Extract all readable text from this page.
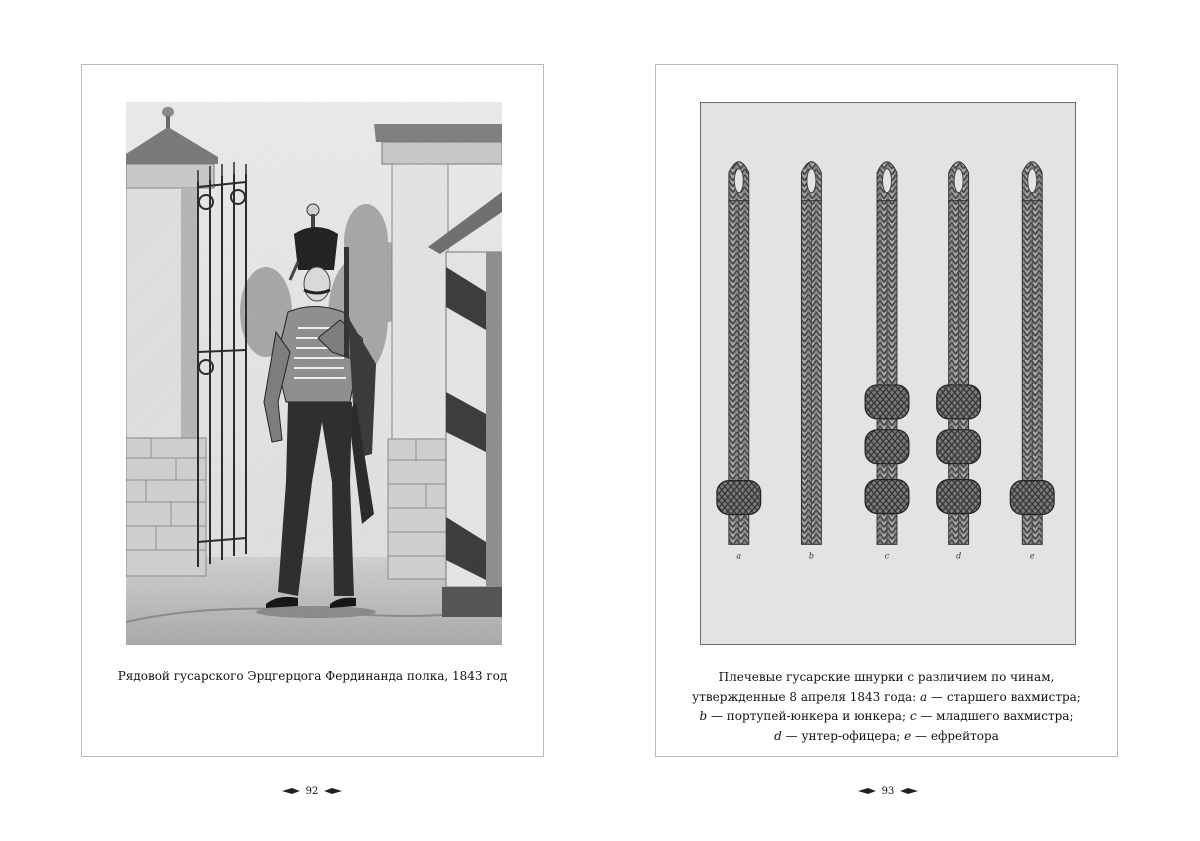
Рядовой гусарского Эрцгерцога Фердинанда полка, 1843 год
a	b	c	d	e
Плечевые гусарские шнурки с различием по чинам,
утвержденные 8 апреля 1843 года: а — старшего вахмистра;
b — портупей-юнкера и юнкера; c — младшего вахмистра;
d — унтер-офицера; e — ефрейтора
92	93
